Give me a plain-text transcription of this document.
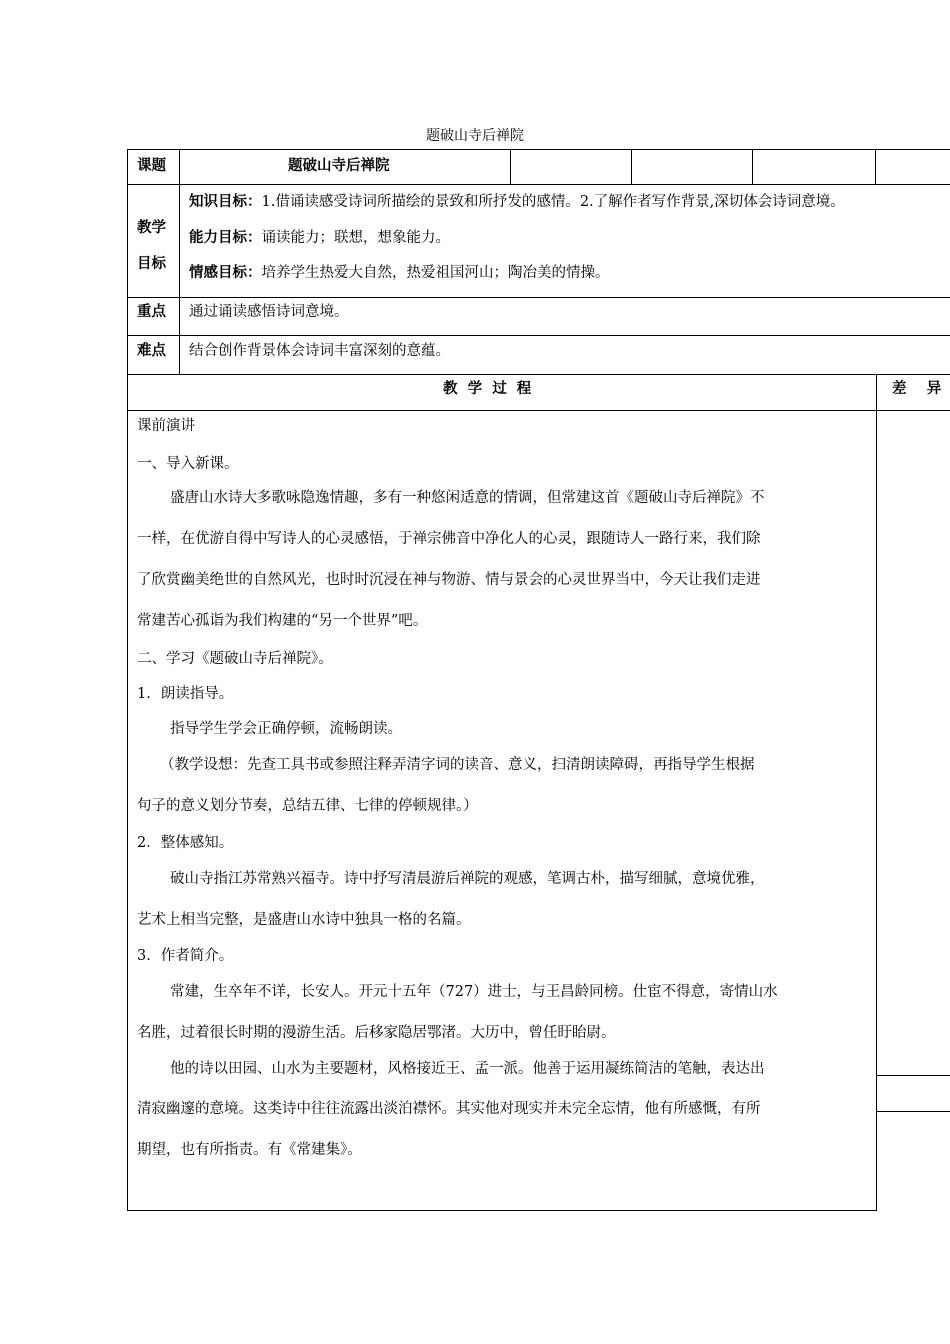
题破山寺后禅院
课题	题破山寺后禅院
教学
目标
知识目标：1.借诵读感受诗词所描绘的景致和所抒发的感情。2.了解作者写作背景,深切体会诗词意境。
能力目标：诵读能力；联想，想象能力。
情感目标：培养学生热爱大自然，热爱祖国河山；陶冶美的情操。
重点 通过诵读感悟诗词意境。
难点 结合创作背景体会诗词丰富深刻的意蕴。
教  学  过  程	差    异
课前演讲
一、导入新课。
盛唐山水诗大多歌咏隐逸情趣，多有一种悠闲适意的情调，但常建这首《题破山寺后禅院》不
一样，在优游自得中写诗人的心灵感悟，于禅宗佛音中净化人的心灵，跟随诗人一路行来，我们除
了欣赏幽美绝世的自然风光，也时时沉浸在神与物游、情与景会的心灵世界当中，今天让我们走进
常建苦心孤诣为我们构建的“另一个世界”吧。
二、学习《题破山寺后禅院》。
1．朗读指导。
指导学生学会正确停顿，流畅朗读。
（教学设想：先查工具书或参照注释弄清字词的读音、意义，扫清朗读障碍，再指导学生根据
句子的意义划分节奏，总结五律、七律的停顿规律。）
2．整体感知。
破山寺指江苏常熟兴福寺。诗中抒写清晨游后禅院的观感，笔调古朴，描写细腻，意境优雅，
艺术上相当完整，是盛唐山水诗中独具一格的名篇。
3．作者简介。
常建，生卒年不详，长安人。开元十五年（727）进士，与王昌龄同榜。仕宦不得意，寄情山水
名胜，过着很长时期的漫游生活。后移家隐居鄂渚。大历中，曾任盱眙尉。
他的诗以田园、山水为主要题材，风格接近王、孟一派。他善于运用凝练简洁的笔触，表达出
清寂幽邃的意境。这类诗中往往流露出淡泊襟怀。其实他对现实并未完全忘情，他有所感慨，有所
期望，也有所指责。有《常建集》。
